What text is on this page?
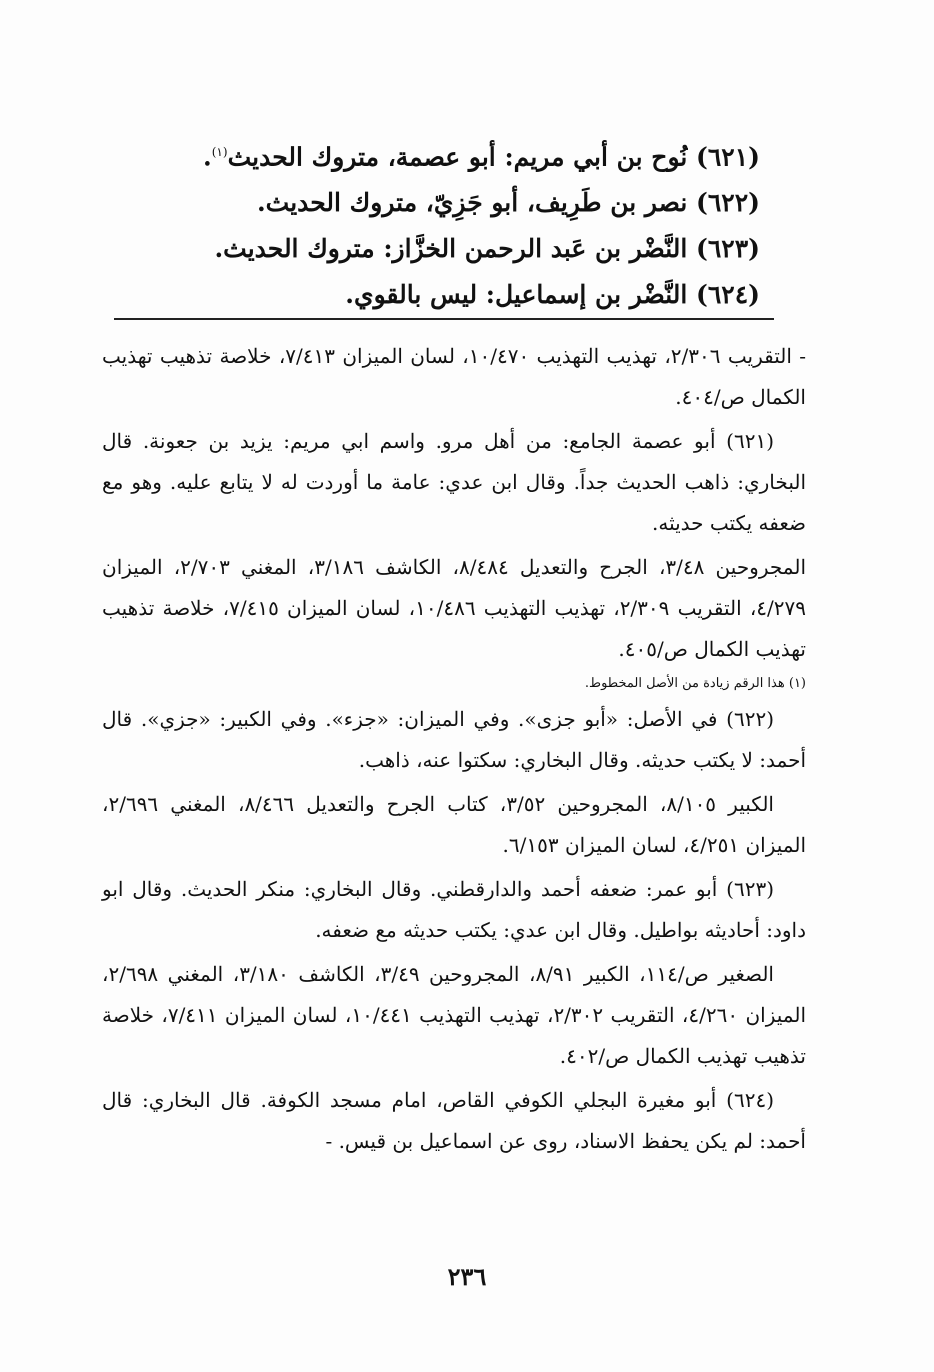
(٦٢١) نُوح بن أبي مريم: أبو عصمة، متروك الحديث$^{(١)}$.
(٦٢٢) نصر بن طَرِيف، أبو جَزِيّ، متروك الحديث.
(٦٢٣) النَّضْر بن عَبد الرحمن الخزَّاز: متروك الحديث.
(٦٢٤) النَّضْر بن إسماعيل: ليس بالقوي.

- التقريب ٢/٣٠٦، تهذيب التهذيب ١٠/٤٧٠، لسان الميزان ٧/٤١٣، خلاصة تذهيب تهذيب الكمال ص/٤٠٤.

(٦٢١) أبو عصمة الجامع: من أهل مرو. واسم ابي مريم: يزيد بن جعونة. قال البخاري: ذاهب الحديث جداً. وقال ابن عدي: عامة ما أوردت له لا يتابع عليه. وهو مع ضعفه يكتب حديثه.

المجروحين ٣/٤٨، الجرح والتعديل ٨/٤٨٤، الكاشف ٣/١٨٦، المغني ٢/٧٠٣، الميزان ٤/٢٧٩، التقريب ٢/٣٠٩، تهذيب التهذيب ١٠/٤٨٦، لسان الميزان ٧/٤١٥، خلاصة تذهيب تهذيب الكمال ص/٤٠٥.

(١) هذا الرقم زيادة من الأصل المخطوط.

(٦٢٢) في الأصل: «أبو جزى». وفي الميزان: «جزء». وفي الكبير: «جزي». قال أحمد: لا يكتب حديثه. وقال البخاري: سكتوا عنه، ذاهب.

الكبير ٨/١٠٥، المجروحين ٣/٥٢، كتاب الجرح والتعديل ٨/٤٦٦، المغني ٢/٦٩٦، الميزان ٤/٢٥١، لسان الميزان ٦/١٥٣.

(٦٢٣) أبو عمر: ضعفه أحمد والدارقطني. وقال البخاري: منكر الحديث. وقال ابو داود: أحاديثه بواطيل. وقال ابن عدي: يكتب حديثه مع ضعفه.

الصغير ص/١١٤، الكبير ٨/٩١، المجروحين ٣/٤٩، الكاشف ٣/١٨٠، المغني ٢/٦٩٨، الميزان ٤/٢٦٠، التقريب ٢/٣٠٢، تهذيب التهذيب ١٠/٤٤١، لسان الميزان ٧/٤١١، خلاصة تذهيب تهذيب الكمال ص/٤٠٢.

(٦٢٤) أبو مغيرة البجلي الكوفي القاص، امام مسجد الكوفة. قال البخاري: قال أحمد: لم يكن يحفظ الاسناد، روى عن اسماعيل بن قيس. -

٢٣٦
